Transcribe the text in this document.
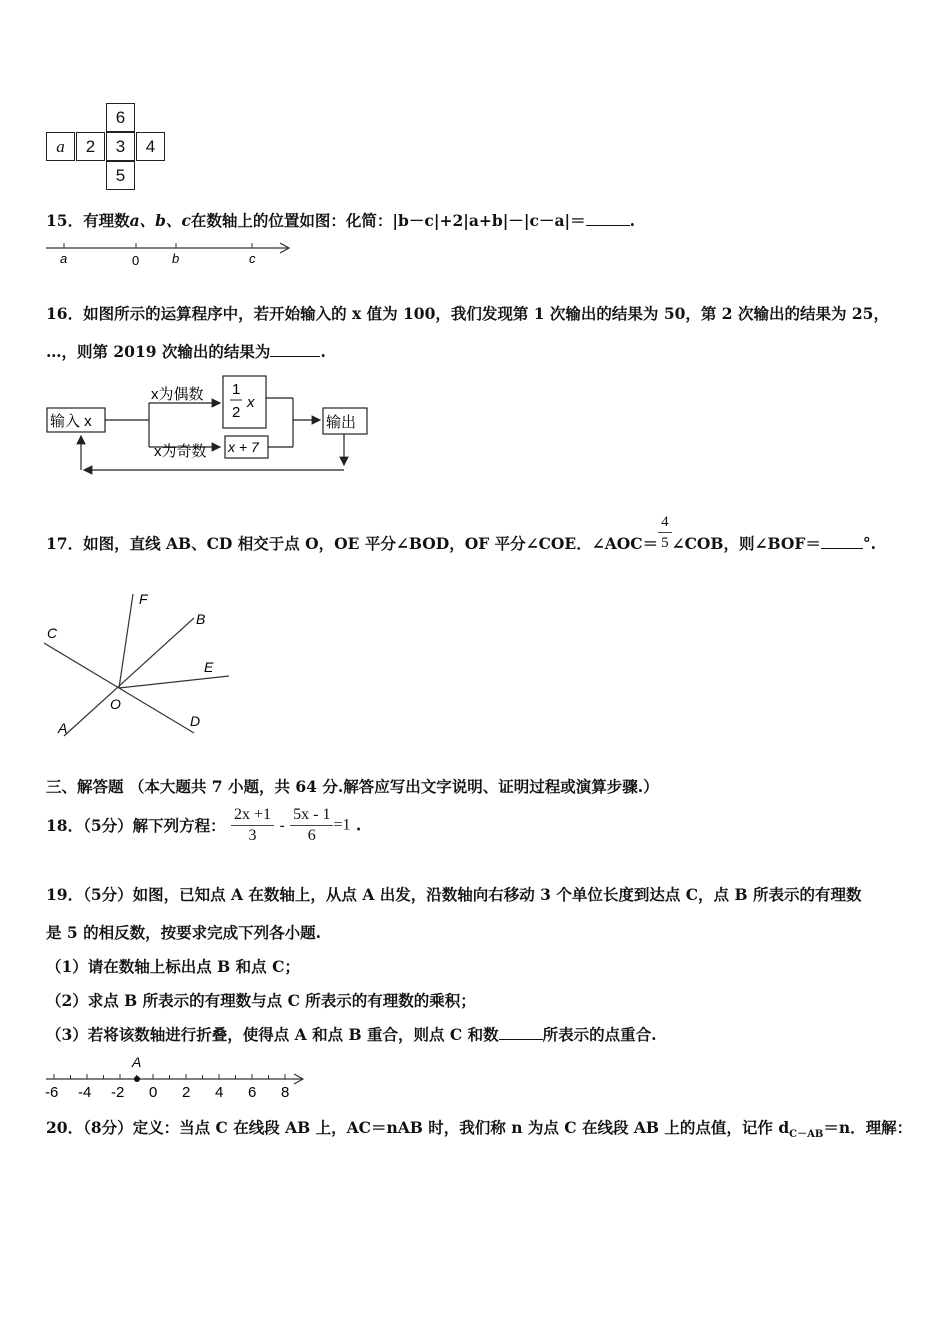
6
a	2	3	4
5
15．有理数a、b、c在数轴上的位置如图：化简：|b－c|+2|a+b|－|c－a|＝	.
a	0	b	c
16．如图所示的运算程序中，若开始输入的 x 值为 100，我们发现第 1 次输出的结果为 50，第 2 次输出的结果为 25，
…，则第 2019 次输出的结果为	.
输入 x
x为偶数
x为奇数
1
2
x
x + 7
输出
17．如图，直线 AB、CD 相交于点 O，OE 平分∠BOD，OF 平分∠COE．∠AOC＝ $\frac{4}{5}$ ∠COB，则∠BOF＝	°.
F
B
C
E
O
A	D
三、解答题 （本大题共 7 小题，共 64 分.解答应写出文字说明、证明过程或演算步骤.）
18．（5分）解下列方程： $\frac{2x +1}{3} - \frac{5x - 1}{6} =1$ .
19．（5分）如图，已知点 A 在数轴上，从点 A 出发，沿数轴向右移动 3 个单位长度到达点 C，点 B 所表示的有理数
是 5 的相反数，按要求完成下列各小题.
（1）请在数轴上标出点 B 和点 C；
（2）求点 B 所表示的有理数与点 C 所表示的有理数的乘积；
（3）若将该数轴进行折叠，使得点 A 和点 B 重合，则点 C 和数	所表示的点重合.
-6 -4 -2 0 2 4 6 8
A
20．（8分）定义：当点 C 在线段 AB 上，AC＝nAB 时，我们称 n 为点 C 在线段 AB 上的点值，记作 $d_{C-AB}=n$．理解：
